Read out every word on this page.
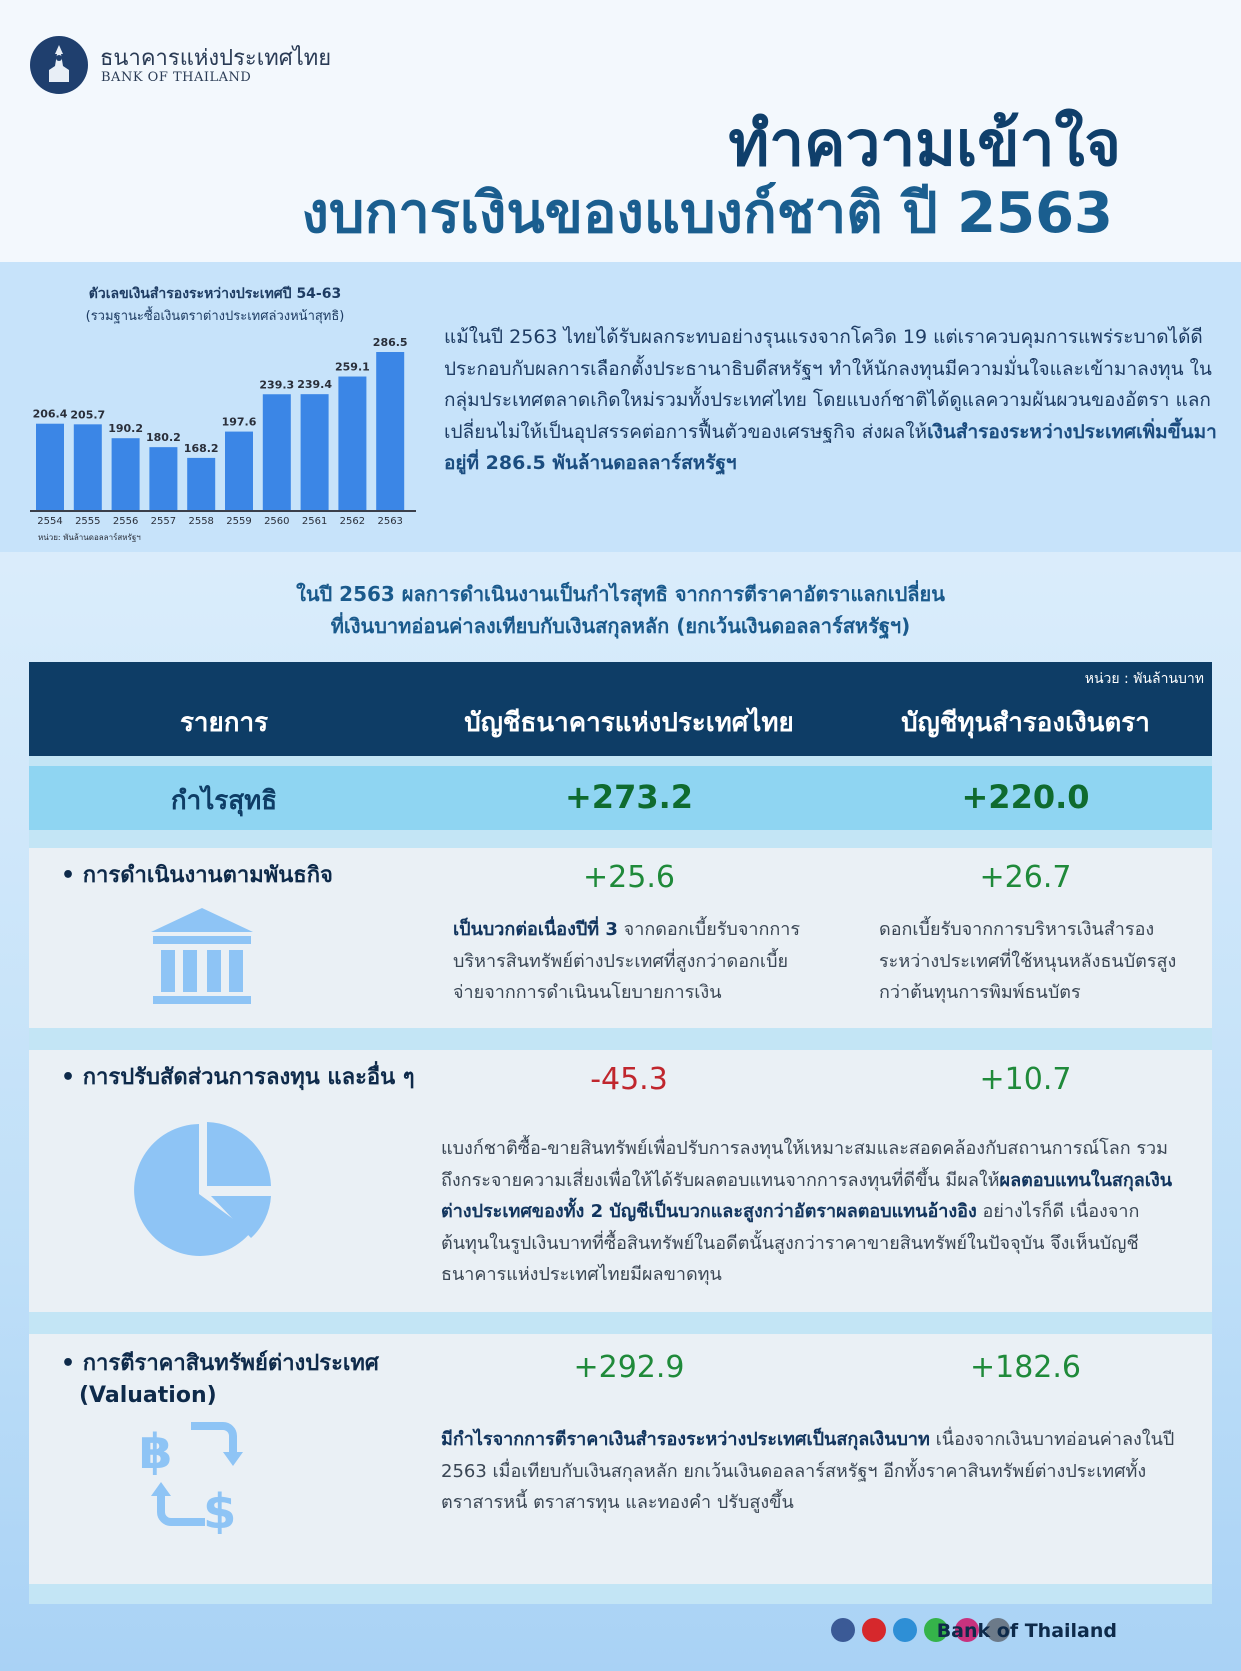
ธนาคารแห่งประเทศไทย
BANK OF THAILAND
ทำความเข้าใจ
งบการเงินของแบงก์ชาติ ปี 2563
ตัวเลขเงินสำรองระหว่างประเทศปี 54-63
(รวมฐานะซื้อเงินตราต่างประเทศล่วงหน้าสุทธิ)
206.4
2554
205.7
2555
190.2
2556
180.2
2557
168.2
2558
197.6
2559
239.3
2560
239.4
2561
259.1
2562
286.5
2563
หน่วย: พันล้านดอลลาร์สหรัฐฯ
แม้ในปี 2563 ไทยได้รับผลกระทบอย่างรุนแรงจากโควิด 19 แต่เราควบคุมการแพร่ระบาดได้ดี ประกอบกับผลการเลือกตั้งประธานาธิบดีสหรัฐฯ ทำให้นักลงทุนมีความมั่นใจและเข้ามาลงทุน ในกลุ่มประเทศตลาดเกิดใหม่รวมทั้งประเทศไทย โดยแบงก์ชาติได้ดูแลความผันผวนของอัตรา แลกเปลี่ยนไม่ให้เป็นอุปสรรคต่อการฟื้นตัวของเศรษฐกิจ ส่งผลให้เงินสำรองระหว่างประเทศเพิ่มขึ้นมาอยู่ที่ 286.5 พันล้านดอลลาร์สหรัฐฯ
ในปี 2563 ผลการดำเนินงานเป็นกำไรสุทธิ จากการตีราคาอัตราแลกเปลี่ยน
ที่เงินบาทอ่อนค่าลงเทียบกับเงินสกุลหลัก (ยกเว้นเงินดอลลาร์สหรัฐฯ)
หน่วย : พันล้านบาท
รายการ	บัญชีธนาคารแห่งประเทศไทย	บัญชีทุนสำรองเงินตรา
กำไรสุทธิ	+273.2	+220.0
• การดำเนินงานตามพันธกิจ	+25.6	+26.7
เป็นบวกต่อเนื่องปีที่ 3 จากดอกเบี้ยรับจากการบริหารสินทรัพย์ต่างประเทศที่สูงกว่าดอกเบี้ยจ่ายจากการดำเนินนโยบายการเงิน
ดอกเบี้ยรับจากการบริหารเงินสำรองระหว่างประเทศที่ใช้หนุนหลังธนบัตรสูงกว่าต้นทุนการพิมพ์ธนบัตร
• การปรับสัดส่วนการลงทุน และอื่น ๆ	-45.3	+10.7
แบงก์ชาติซื้อ-ขายสินทรัพย์เพื่อปรับการลงทุนให้เหมาะสมและสอดคล้องกับสถานการณ์โลก รวมถึงกระจายความเสี่ยงเพื่อให้ได้รับผลตอบแทนจากการลงทุนที่ดีขึ้น มีผลให้ผลตอบแทนในสกุลเงินต่างประเทศของทั้ง 2 บัญชีเป็นบวกและสูงกว่าอัตราผลตอบแทนอ้างอิง อย่างไรก็ดี เนื่องจากต้นทุนในรูปเงินบาทที่ซื้อสินทรัพย์ในอดีตนั้นสูงกว่าราคาขายสินทรัพย์ในปัจจุบัน จึงเห็นบัญชีธนาคารแห่งประเทศไทยมีผลขาดทุน
• การตีราคาสินทรัพย์ต่างประเทศ
(Valuation)
+292.9	+182.6
฿
$
มีกำไรจากการตีราคาเงินสำรองระหว่างประเทศเป็นสกุลเงินบาท เนื่องจากเงินบาทอ่อนค่าลงในปี 2563 เมื่อเทียบกับเงินสกุลหลัก ยกเว้นเงินดอลลาร์สหรัฐฯ อีกทั้งราคาสินทรัพย์ต่างประเทศทั้งตราสารหนี้ ตราสารทุน และทองคำ ปรับสูงขึ้น
Bank of Thailand
